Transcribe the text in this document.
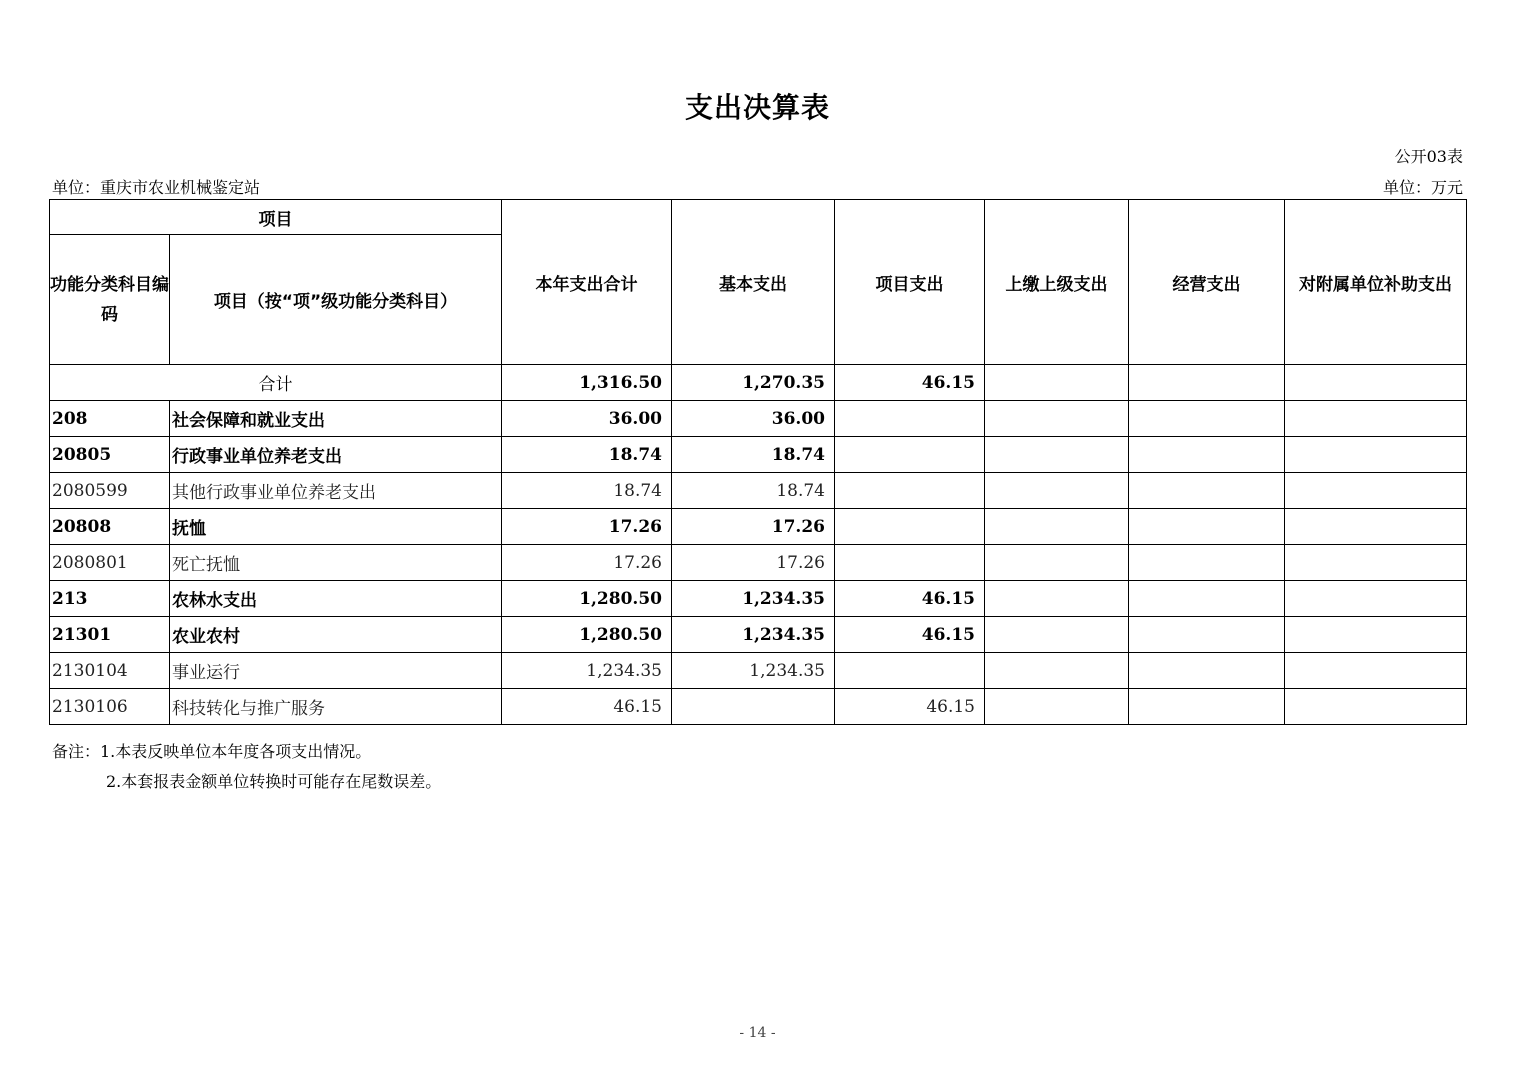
支出决算表
公开03表
单位：重庆市农业机械鉴定站	单位：万元
项目		本年支出合计	基本支出	项目支出	上缴上级支出	经营支出	对附属单位补助支出
功能分类科目编码	项目（按“项”级功能分类科目）						
合计		1,316.50	1,270.35	46.15			
208	社会保障和就业支出	36.00	36.00				
20805	行政事业单位养老支出	18.74	18.74				
2080599	其他行政事业单位养老支出	18.74	18.74				
20808	抚恤	17.26	17.26				
2080801	死亡抚恤	17.26	17.26				
213	农林水支出	1,280.50	1,234.35	46.15			
21301	农业农村	1,280.50	1,234.35	46.15			
2130104	事业运行	1,234.35	1,234.35				
2130106	科技转化与推广服务	46.15		46.15			
备注：1.本表反映单位本年度各项支出情况。
2.本套报表金额单位转换时可能存在尾数误差。
- 14 -
